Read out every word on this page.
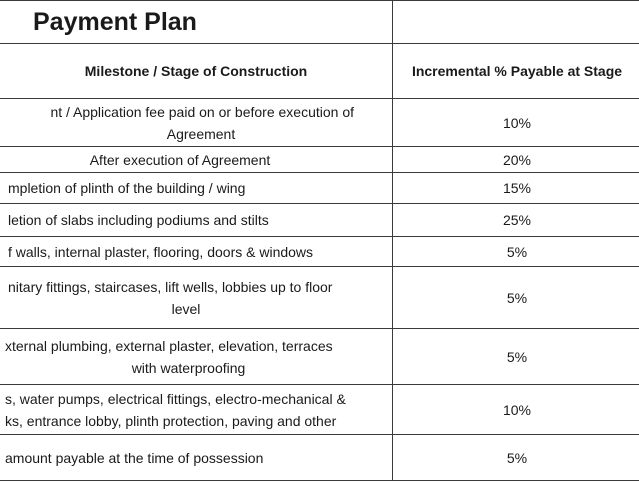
Payment Plan	
Milestone / Stage of Construction	Incremental % Payable at Stage

nt / Application fee paid on or before execution of
Agreement	10%

After execution of Agreement	20%

mpletion of plinth of the building / wing	15%

letion of slabs including podiums and stilts	25%

f walls, internal plaster, flooring, doors & windows	5%

nitary fittings, staircases, lift wells, lobbies up to floor
level	5%

xternal plumbing, external plaster, elevation, terraces
with waterproofing	5%

s, water pumps, electrical fittings, electro-mechanical &
ks, entrance lobby, plinth protection, paving and other	10%

amount payable at the time of possession	5%
